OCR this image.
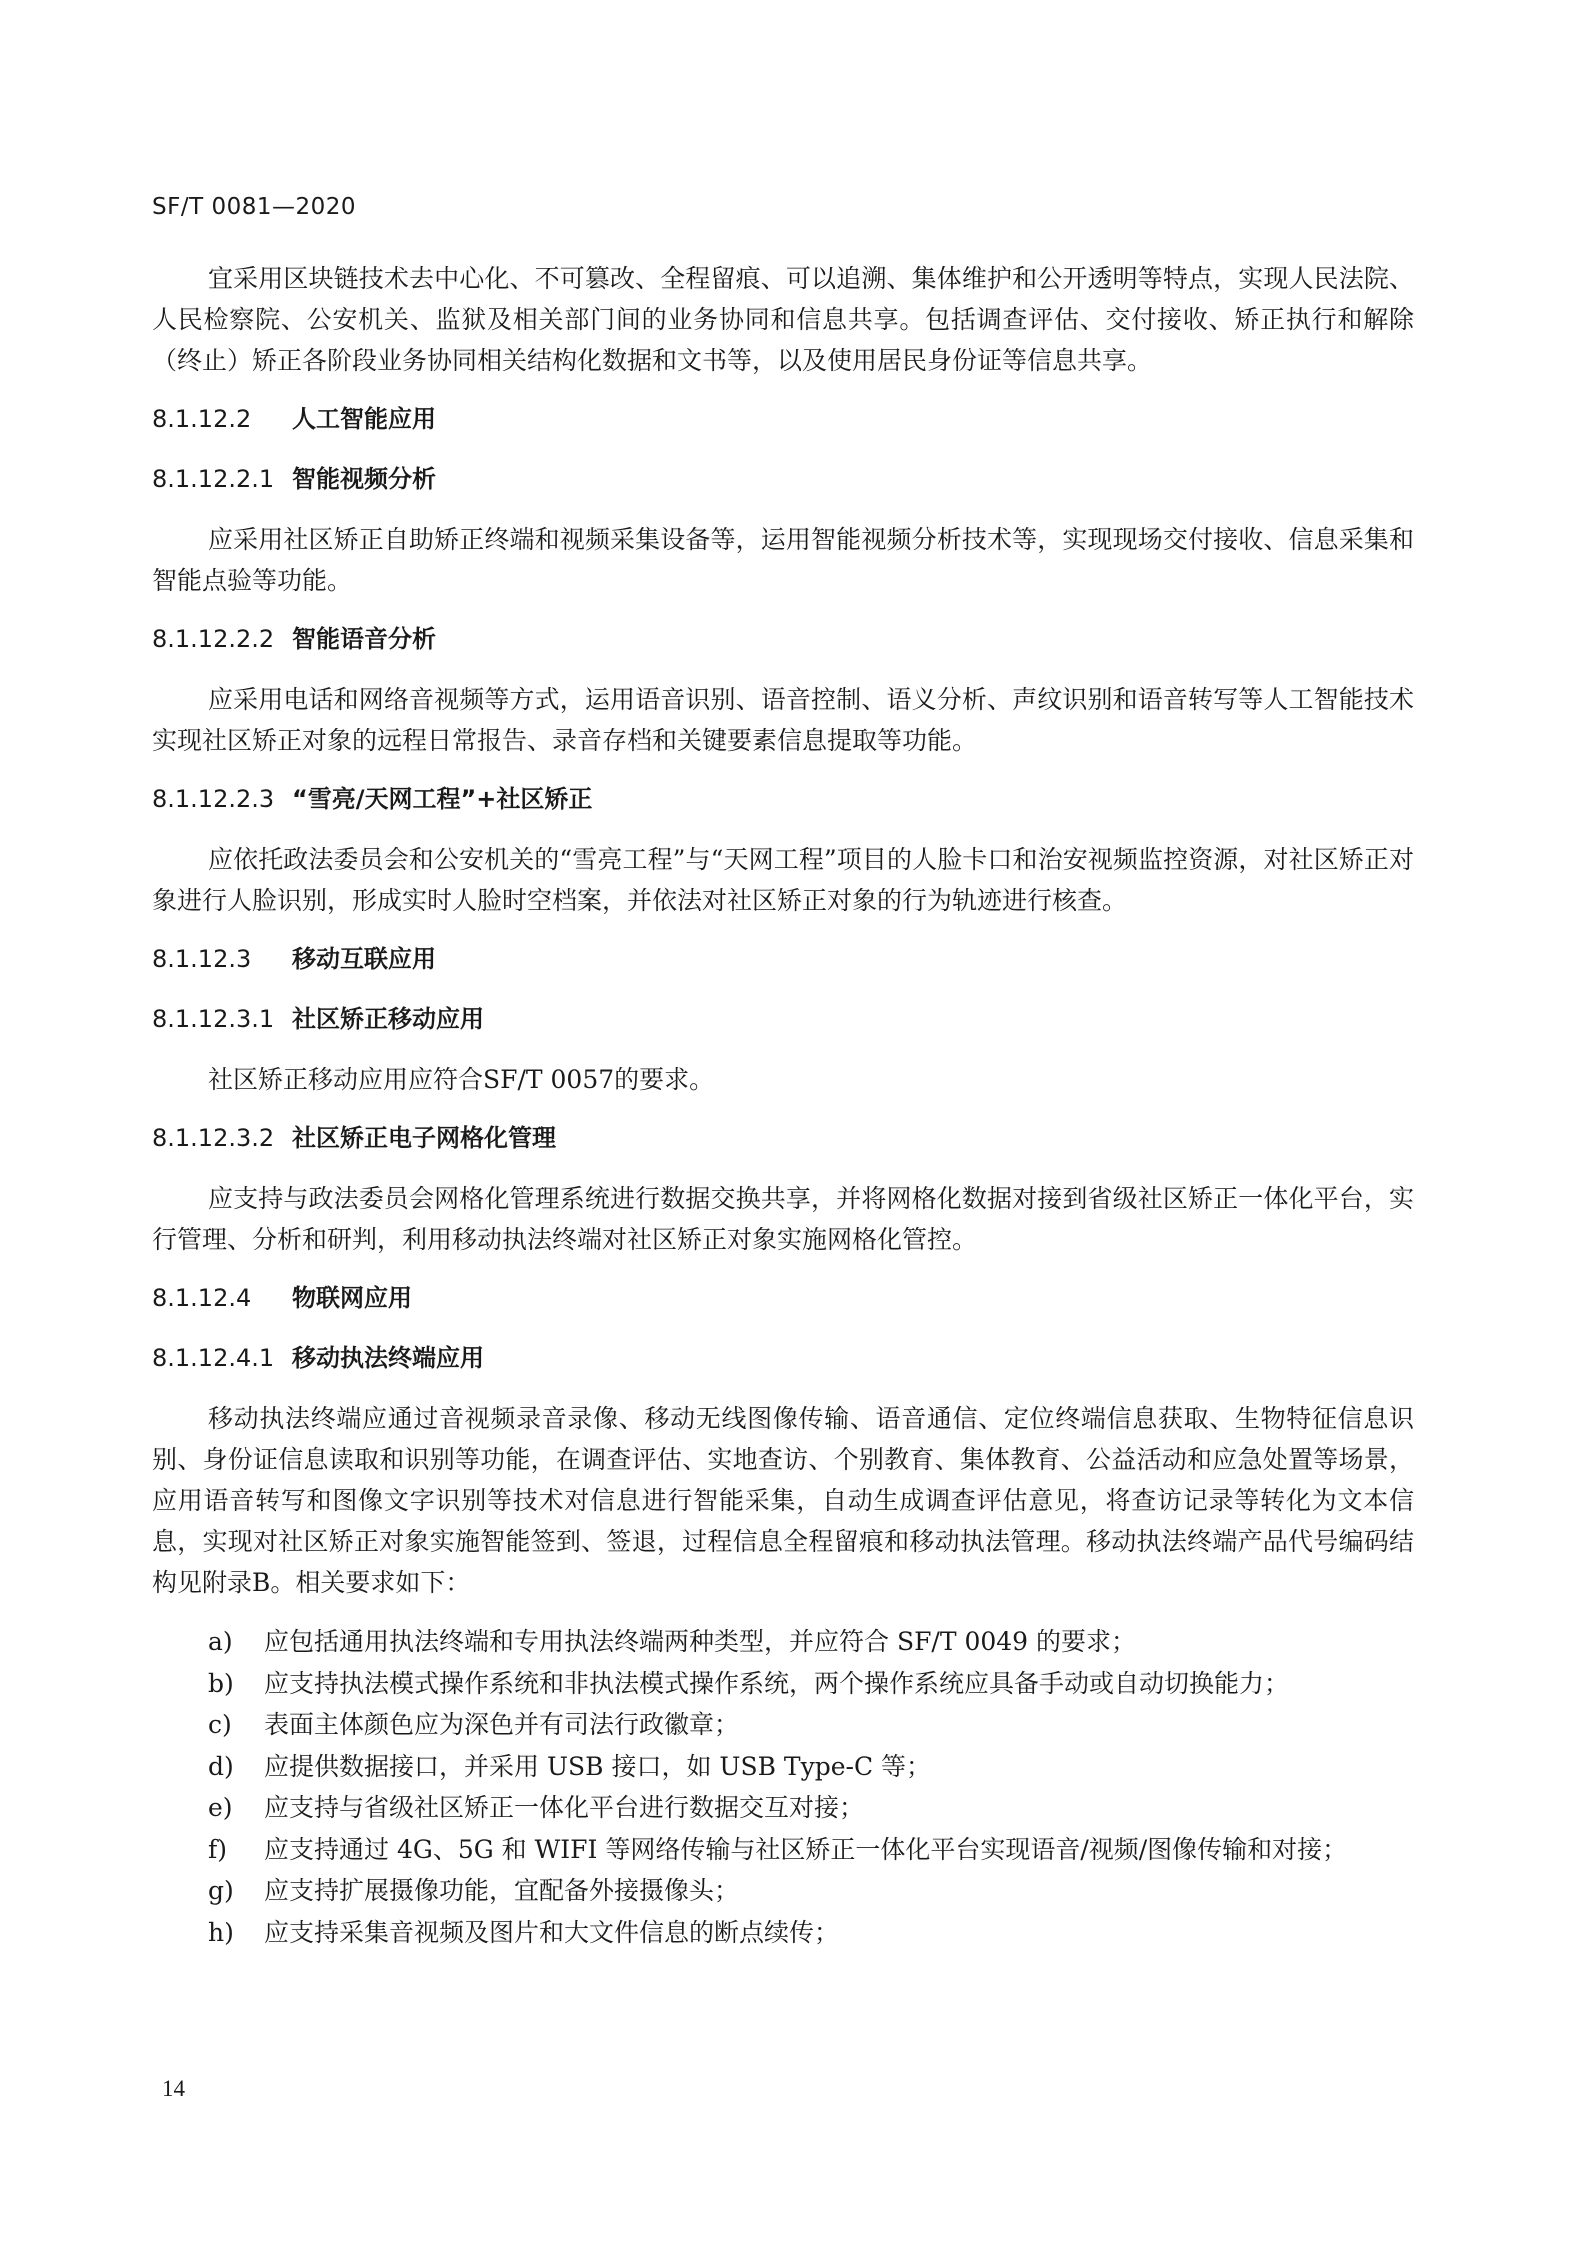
SF/T 0081—2020

宜采用区块链技术去中心化、不可篡改、全程留痕、可以追溯、集体维护和公开透明等特点，实现人民法院、人民检察院、公安机关、监狱及相关部门间的业务协同和信息共享。包括调查评估、交付接收、矫正执行和解除（终止）矫正各阶段业务协同相关结构化数据和文书等，以及使用居民身份证等信息共享。

8.1.12.2 人工智能应用
8.1.12.2.1 智能视频分析

应采用社区矫正自助矫正终端和视频采集设备等，运用智能视频分析技术等，实现现场交付接收、信息采集和智能点验等功能。

8.1.12.2.2 智能语音分析

应采用电话和网络音视频等方式，运用语音识别、语音控制、语义分析、声纹识别和语音转写等人工智能技术实现社区矫正对象的远程日常报告、录音存档和关键要素信息提取等功能。

8.1.12.2.3 “雪亮/天网工程”+社区矫正

应依托政法委员会和公安机关的“雪亮工程”与“天网工程”项目的人脸卡口和治安视频监控资源，对社区矫正对象进行人脸识别，形成实时人脸时空档案，并依法对社区矫正对象的行为轨迹进行核查。

8.1.12.3 移动互联应用
8.1.12.3.1 社区矫正移动应用

社区矫正移动应用应符合SF/T 0057的要求。

8.1.12.3.2 社区矫正电子网格化管理

应支持与政法委员会网格化管理系统进行数据交换共享，并将网格化数据对接到省级社区矫正一体化平台，实行管理、分析和研判，利用移动执法终端对社区矫正对象实施网格化管控。

8.1.12.4 物联网应用
8.1.12.4.1 移动执法终端应用

移动执法终端应通过音视频录音录像、移动无线图像传输、语音通信、定位终端信息获取、生物特征信息识别、身份证信息读取和识别等功能，在调查评估、实地查访、个别教育、集体教育、公益活动和应急处置等场景，应用语音转写和图像文字识别等技术对信息进行智能采集，自动生成调查评估意见，将查访记录等转化为文本信息，实现对社区矫正对象实施智能签到、签退，过程信息全程留痕和移动执法管理。移动执法终端产品代号编码结构见附录B。相关要求如下：

a) 应包括通用执法终端和专用执法终端两种类型，并应符合 SF/T 0049 的要求；
b) 应支持执法模式操作系统和非执法模式操作系统，两个操作系统应具备手动或自动切换能力；
c) 表面主体颜色应为深色并有司法行政徽章；
d) 应提供数据接口，并采用 USB 接口，如 USB Type-C 等；
e) 应支持与省级社区矫正一体化平台进行数据交互对接；
f) 应支持通过 4G、5G 和 WIFI 等网络传输与社区矫正一体化平台实现语音/视频/图像传输和对接；
g) 应支持扩展摄像功能，宜配备外接摄像头；
h) 应支持采集音视频及图片和大文件信息的断点续传；
14
